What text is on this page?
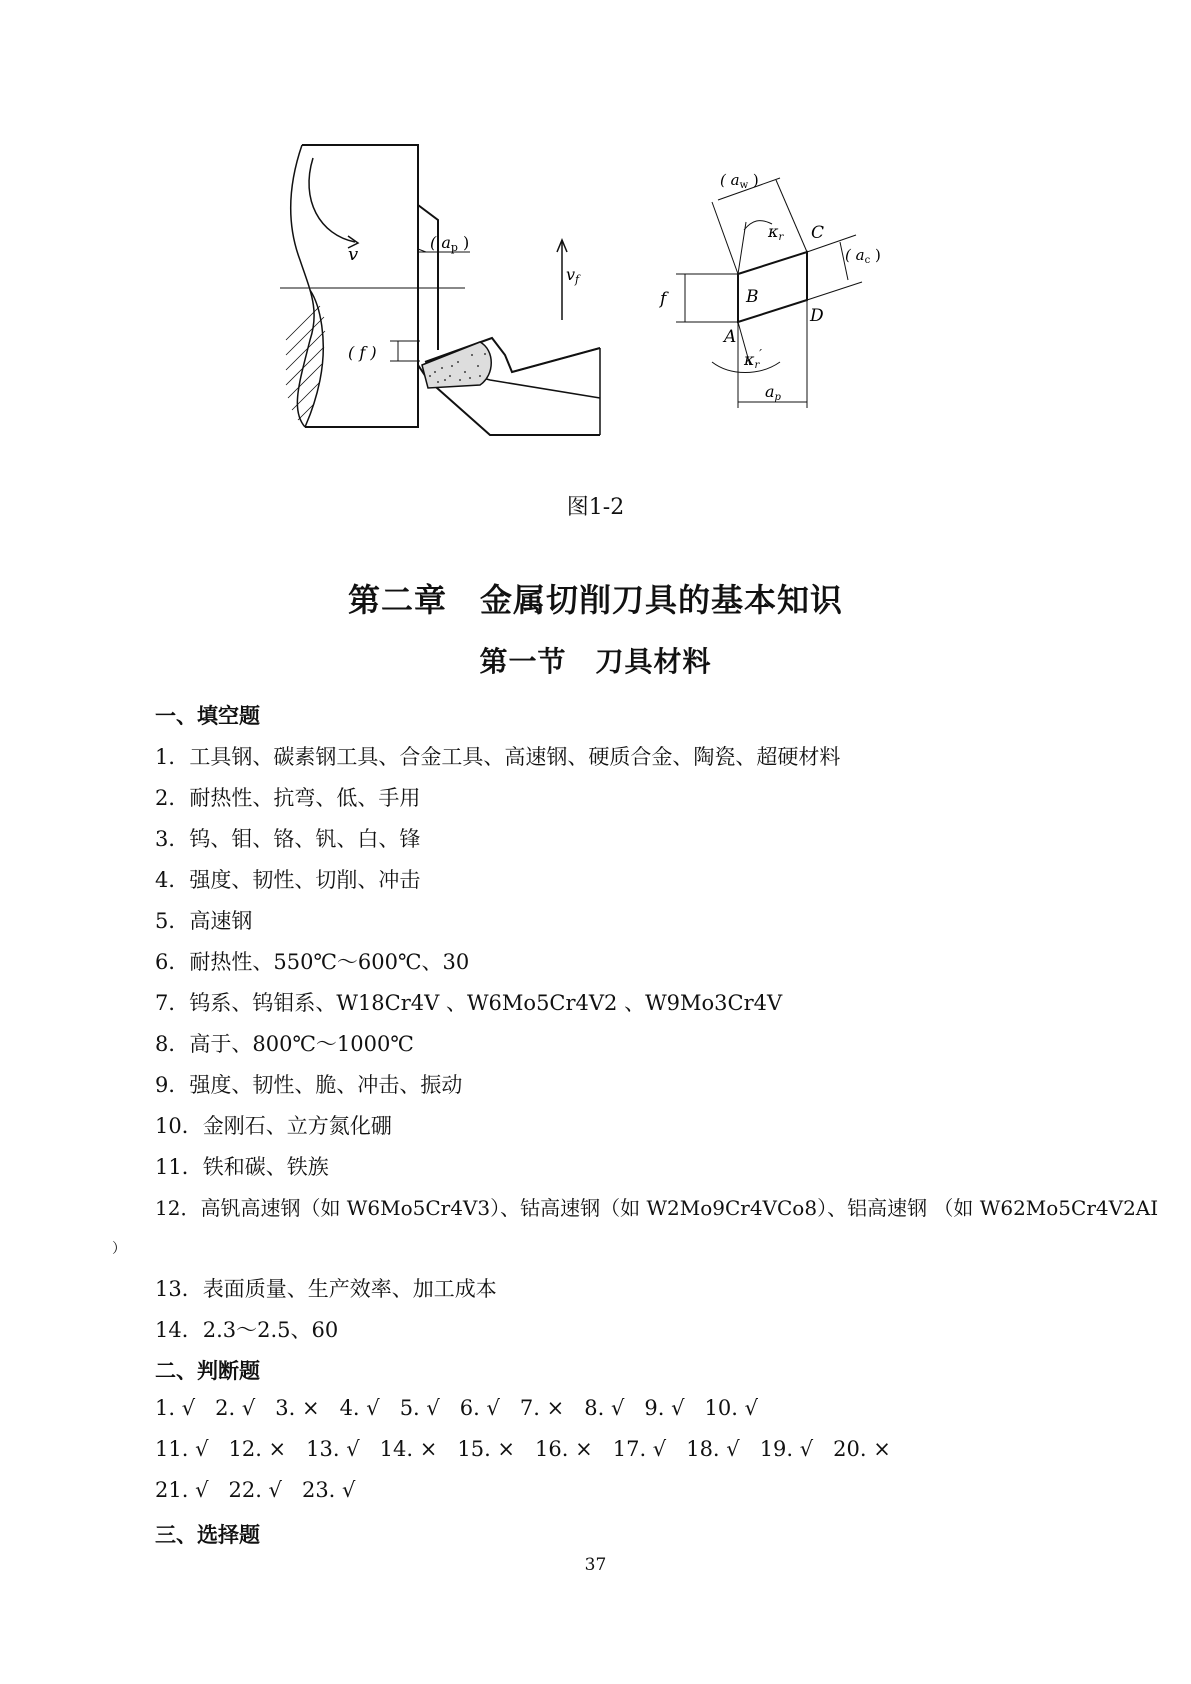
v
( ap )
vf
( f )
( $a_w$ )
κr C
( $a_c$ )
B
f
D
A
κr′
ap
图1-2
第二章　金属切削刀具的基本知识
第一节　刀具材料
一、填空题
1．工具钢、碳素钢工具、合金工具、高速钢、硬质合金、陶瓷、超硬材料
2．耐热性、抗弯、低、手用
3．钨、钼、铬、钒、白、锋
4．强度、韧性、切削、冲击
5．高速钢
6．耐热性、550℃～600℃、30
7．钨系、钨钼系、W18Cr4V 、W6Mo5Cr4V2 、W9Mo3Cr4V
8．高于、800℃～1000℃
9．强度、韧性、脆、冲击、振动
10．金刚石、立方氮化硼
11．铁和碳、铁族
12．高钒高速钢（如 W6Mo5Cr4V3）、钴高速钢（如 W2Mo9Cr4VCo8）、铝高速钢 （如 W62Mo5Cr4V2AI
）
13．表面质量、生产效率、加工成本
14．2.3～2.5、60
二、判断题
1. √   2. √   3. ×   4. √   5. √   6. √   7. ×   8. √   9. √   10. √
11. √   12. ×   13. √   14. ×   15. ×   16. ×   17. √   18. √   19. √   20. ×
21. √   22. √   23. √
三、选择题
37
